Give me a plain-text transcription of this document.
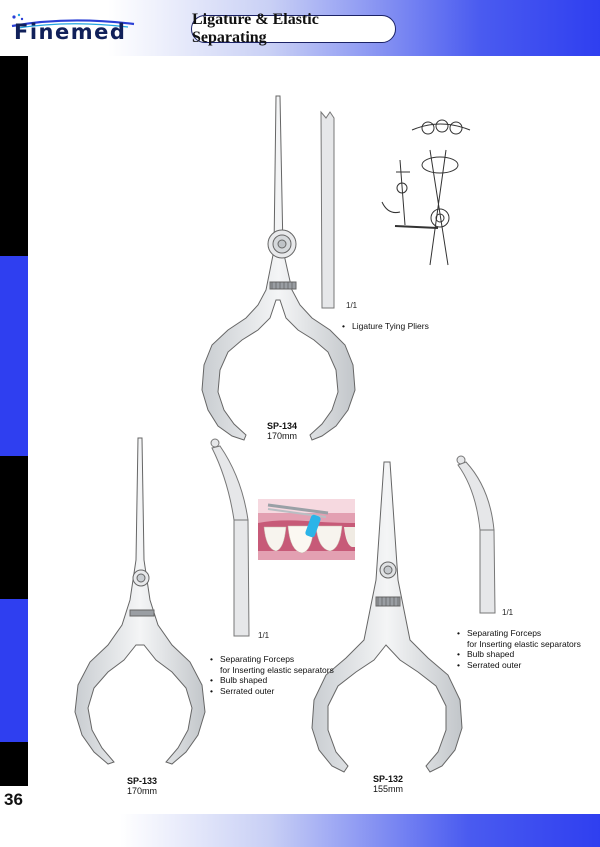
Finemed
Ligature & Elastic Separating
36
1/1
• Ligature Tying Pliers
SP-134
170mm
1/1
• Separating Forceps
for Inserting elastic separators
• Bulb shaped
• Serrated outer
SP-133
170mm
1/1
• Separating Forceps
for Inserting elastic separators
• Bulb shaped
• Serrated outer
SP-132
155mm
